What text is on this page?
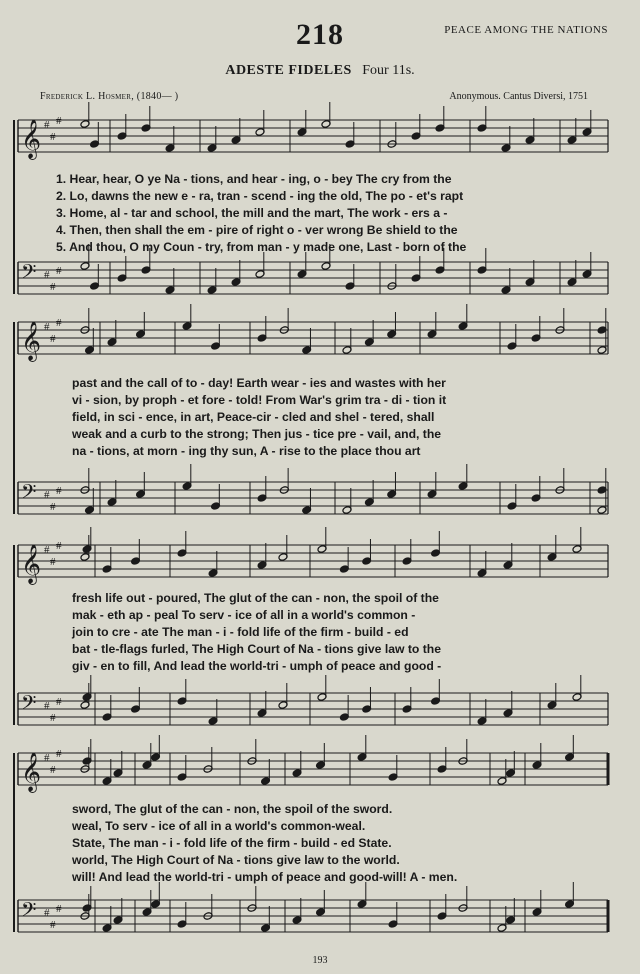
218	PEACE AMONG THE NATIONS
ADESTE FIDELES Four 11s.
Frederick L. Hosmer, (1840— )	Anonymous. Cantus Diversi, 1751
𝄞 #
#
#
𝄢 #
#
#
𝄞 #
#
#
𝄢 #
#
#
𝄞 #
#
#
𝄢 #
#
#
𝄞 #
#
#
𝄢 #
#
#
1. Hear, hear, O ye Na - tions, and hear - ing, o - bey The cry from the
2. Lo, dawns the new e - ra, tran - scend - ing the old, The po - et's rapt
3. Home, al - tar and school, the mill and the mart, The work - ers a -
4. Then, then shall the em - pire of right o - ver wrong Be shield to the
5. And thou, O my Coun - try, from man - y made one, Last - born of the
past and the call of to - day! Earth wear - ies and wastes with her
vi - sion, by proph - et fore - told! From War's grim tra - di - tion it
field, in sci - ence, in art, Peace-cir - cled and shel - tered, shall
weak and a curb to the strong; Then jus - tice pre - vail, and, the
na - tions, at morn - ing thy sun, A - rise to the place thou art
fresh life out - poured, The glut of the can - non, the spoil of the
mak - eth ap - peal To serv - ice of all in a world's common -
join to cre - ate The man - i - fold life of the firm - build - ed
bat - tle-flags furled, The High Court of Na - tions give law to the
giv - en to fill, And lead the world-tri - umph of peace and good -
sword, The glut of the can - non, the spoil of the sword.
weal, To serv - ice of all in a world's common-weal.
State, The man - i - fold life of the firm - build - ed State.
world, The High Court of Na - tions give law to the world.
will! And lead the world-tri - umph of peace and good-will! A - men.
193
